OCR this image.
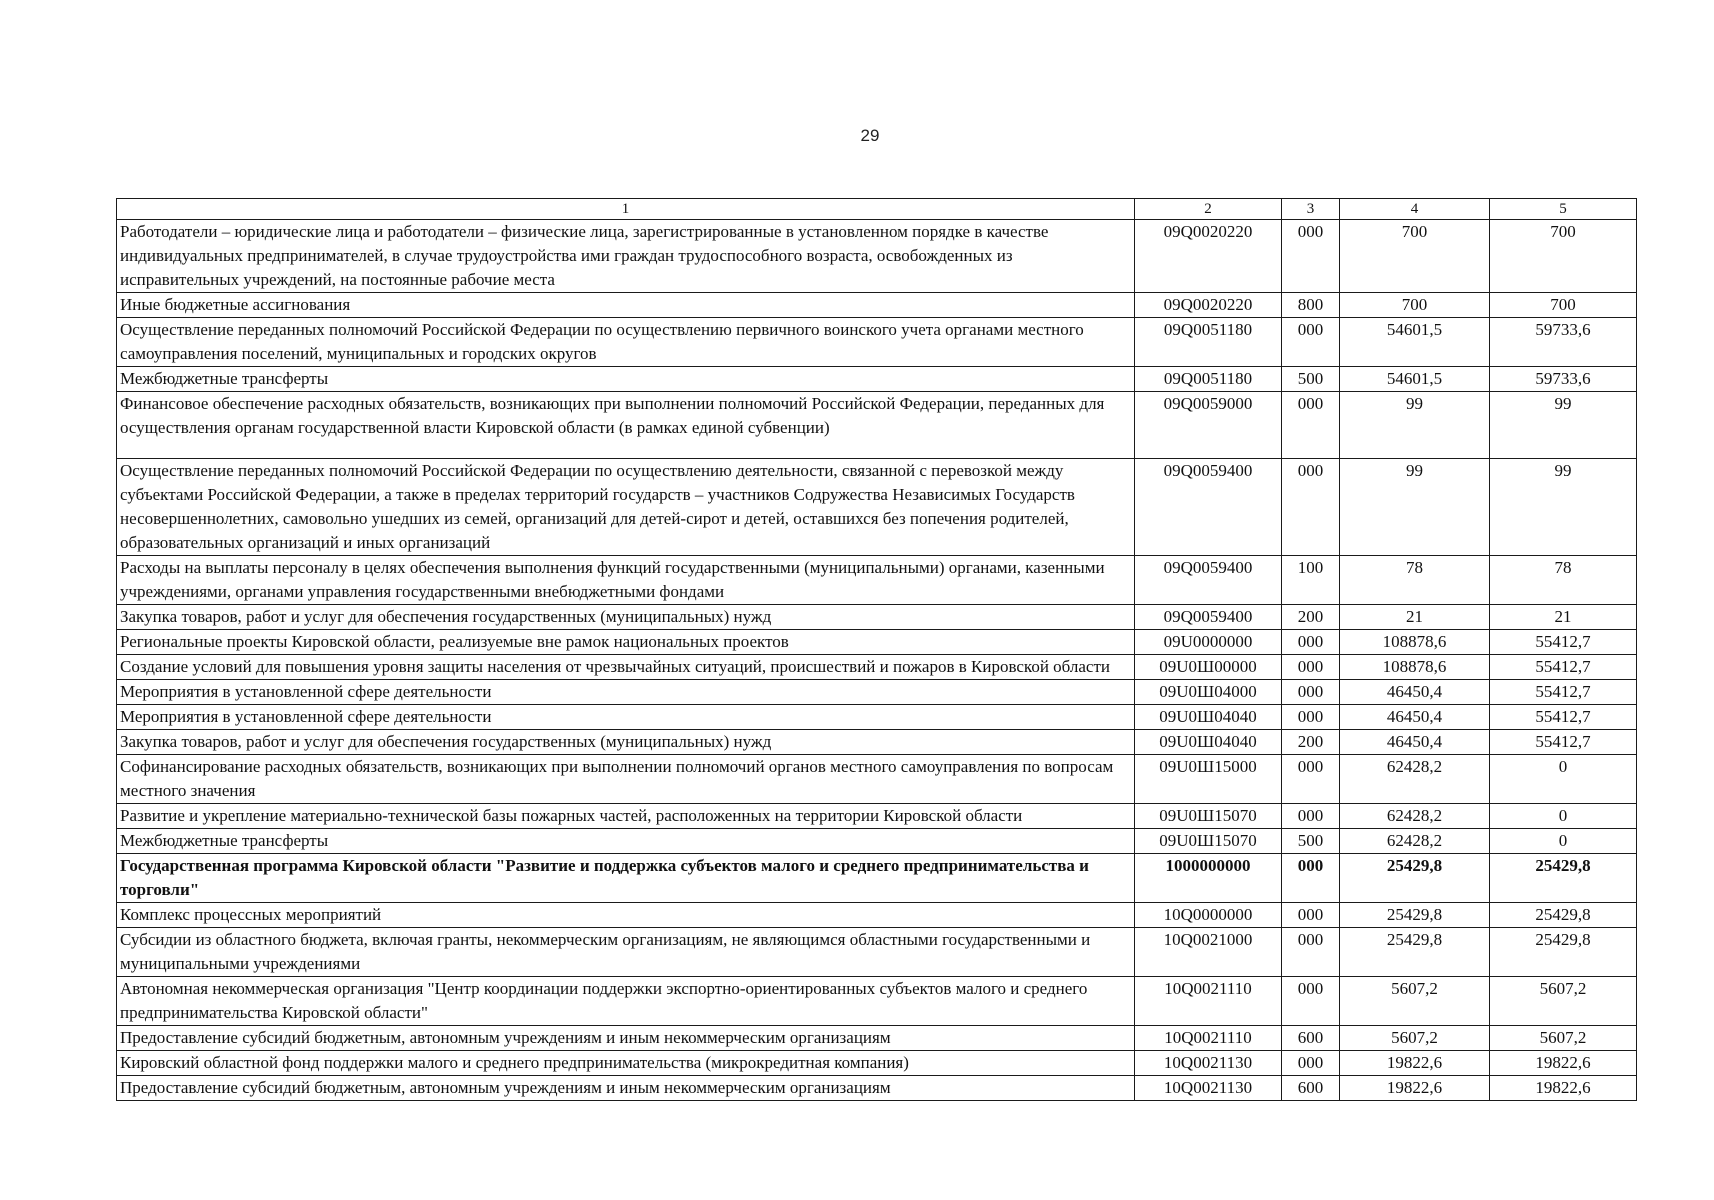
29
1	2	3	4	5
Работодатели – юридические лица и работодатели – физические лица, зарегистрированные в установленном порядке в качестве индивидуальных предпринимателей, в случае трудоустройства ими граждан трудоспособного возраста, освобожденных из исправительных учреждений, на постоянные рабочие места	09Q0020220	000	700	700
Иные бюджетные ассигнования	09Q0020220	800	700	700
Осуществление переданных полномочий Российской Федерации по осуществлению первичного воинского учета органами местного самоуправления поселений, муниципальных и городских округов	09Q0051180	000	54601,5	59733,6
Межбюджетные трансферты	09Q0051180	500	54601,5	59733,6
Финансовое обеспечение расходных обязательств, возникающих при выполнении полномочий Российской Федерации, переданных для осуществления органам государственной власти Кировской области (в рамках единой субвенции)	09Q0059000	000	99	99
Осуществление переданных полномочий Российской Федерации по осуществлению деятельности, связанной с перевозкой между субъектами Российской Федерации, а также в пределах территорий государств – участников Содружества Независимых Государств несовершеннолетних, самовольно ушедших из семей, организаций для детей-сирот и детей, оставшихся без попечения родителей, образовательных организаций и иных организаций	09Q0059400	000	99	99
Расходы на выплаты персоналу в целях обеспечения выполнения функций государственными (муниципальными) органами, казенными учреждениями, органами управления государственными внебюджетными фондами	09Q0059400	100	78	78
Закупка товаров, работ и услуг для обеспечения государственных (муниципальных) нужд	09Q0059400	200	21	21
Региональные проекты Кировской области, реализуемые вне рамок национальных проектов	09U0000000	000	108878,6	55412,7
Создание условий для повышения уровня защиты населения от чрезвычайных ситуаций, происшествий и пожаров в Кировской области	09U0Ш00000	000	108878,6	55412,7
Мероприятия в установленной сфере деятельности	09U0Ш04000	000	46450,4	55412,7
Мероприятия в установленной сфере деятельности	09U0Ш04040	000	46450,4	55412,7
Закупка товаров, работ и услуг для обеспечения государственных (муниципальных) нужд	09U0Ш04040	200	46450,4	55412,7
Софинансирование расходных обязательств, возникающих при выполнении полномочий органов местного самоуправления по вопросам местного значения	09U0Ш15000	000	62428,2	0
Развитие и укрепление материально-технической базы пожарных частей, расположенных на территории Кировской области	09U0Ш15070	000	62428,2	0
Межбюджетные трансферты	09U0Ш15070	500	62428,2	0
Государственная программа Кировской области "Развитие и поддержка субъектов малого и среднего предпринимательства и торговли"	1000000000	000	25429,8	25429,8
Комплекс процессных мероприятий	10Q0000000	000	25429,8	25429,8
Субсидии из областного бюджета, включая гранты, некоммерческим организациям, не являющимся областными государственными и муниципальными учреждениями	10Q0021000	000	25429,8	25429,8
Автономная некоммерческая организация "Центр координации поддержки экспортно-ориентированных субъектов малого и среднего предпринимательства Кировской области"	10Q0021110	000	5607,2	5607,2
Предоставление субсидий бюджетным, автономным учреждениям и иным некоммерческим организациям	10Q0021110	600	5607,2	5607,2
Кировский областной фонд поддержки малого и среднего предпринимательства (микрокредитная компания)	10Q0021130	000	19822,6	19822,6
Предоставление субсидий бюджетным, автономным учреждениям и иным некоммерческим организациям	10Q0021130	600	19822,6	19822,6
